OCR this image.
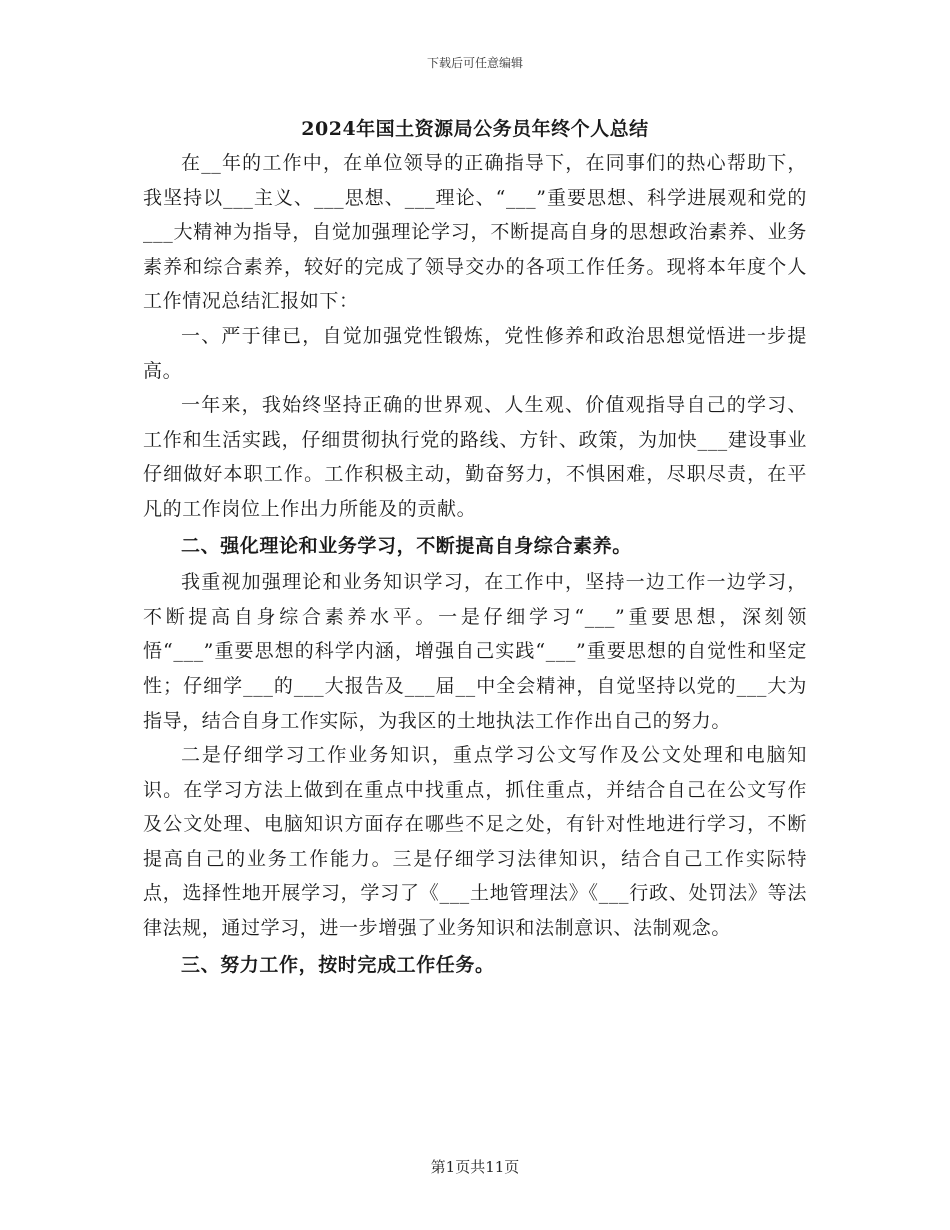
下载后可任意编辑
2024年国土资源局公务员年终个人总结

在__年的工作中，在单位领导的正确指导下，在同事们的热心帮助下，我坚持以___主义、___思想、___理论、“___”重要思想、科学进展观和党的___大精神为指导，自觉加强理论学习，不断提高自身的思想政治素养、业务素养和综合素养，较好的完成了领导交办的各项工作任务。现将本年度个人工作情况总结汇报如下：

一、严于律已，自觉加强党性锻炼，党性修养和政治思想觉悟进一步提高。

一年来，我始终坚持正确的世界观、人生观、价值观指导自己的学习、工作和生活实践，仔细贯彻执行党的路线、方针、政策，为加快___建设事业仔细做好本职工作。工作积极主动，勤奋努力，不惧困难，尽职尽责，在平凡的工作岗位上作出力所能及的贡献。

二、强化理论和业务学习，不断提高自身综合素养。

我重视加强理论和业务知识学习，在工作中，坚持一边工作一边学习，不断提高自身综合素养水平。一是仔细学习“___”重要思想，深刻领悟“___”重要思想的科学内涵，增强自己实践“___”重要思想的自觉性和坚定性；仔细学___的___大报告及___届__中全会精神，自觉坚持以党的___大为指导，结合自身工作实际，为我区的土地执法工作作出自己的努力。

二是仔细学习工作业务知识，重点学习公文写作及公文处理和电脑知识。在学习方法上做到在重点中找重点，抓住重点，并结合自己在公文写作及公文处理、电脑知识方面存在哪些不足之处，有针对性地进行学习，不断提高自己的业务工作能力。三是仔细学习法律知识，结合自己工作实际特点，选择性地开展学习，学习了《___土地管理法》《___行政、处罚法》等法律法规，通过学习，进一步增强了业务知识和法制意识、法制观念。

三、努力工作，按时完成工作任务。

第1页共11页
